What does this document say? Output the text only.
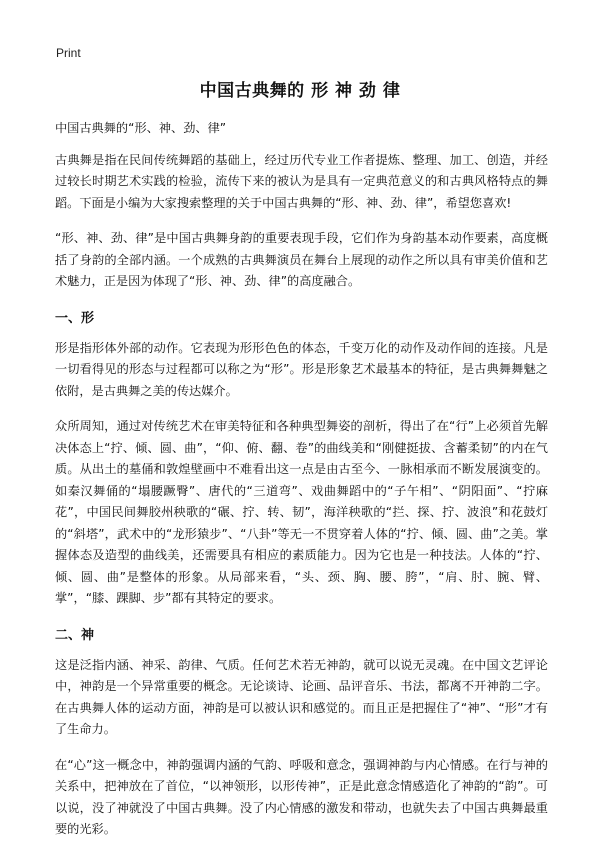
Print
中国古典舞的 形 神 劲 律

中国古典舞的“形、神、劲、律”

古典舞是指在民间传统舞蹈的基础上，经过历代专业工作者提炼、整理、加工、创造，并经过较长时期艺术实践的检验，流传下来的被认为是具有一定典范意义的和古典风格特点的舞蹈。下面是小编为大家搜索整理的关于中国古典舞的“形、神、劲、律”，希望您喜欢!

“形、神、劲、律”是中国古典舞身韵的重要表现手段，它们作为身韵基本动作要素，高度概括了身韵的全部内涵。一个成熟的古典舞演员在舞台上展现的动作之所以具有审美价值和艺术魅力，正是因为体现了“形、神、劲、律”的高度融合。

一、形

形是指形体外部的动作。它表现为形形色色的体态，千变万化的动作及动作间的连接。凡是一切看得见的形态与过程都可以称之为“形”。形是形象艺术最基本的特征，是古典舞舞魅之依附，是古典舞之美的传达媒介。

众所周知，通过对传统艺术在审美特征和各种典型舞姿的剖析，得出了在“行”上必须首先解决体态上“拧、倾、圆、曲”，“仰、俯、翻、卷”的曲线美和“刚健挺拔、含蓄柔韧”的内在气质。从出土的墓俑和敦煌壁画中不难看出这一点是由古至今、一脉相承而不断发展演变的。如秦汉舞俑的“塌腰蹶臀”、唐代的“三道弯”、戏曲舞蹈中的“子午相”、“阴阳面”、“拧麻花”，中国民间舞胶州秧歌的“碾、拧、转、韧”，海洋秧歌的“拦、探、拧、波浪”和花鼓灯的“斜塔”，武术中的“龙形猿步”、“八卦”等无一不贯穿着人体的“拧、倾、圆、曲”之美。掌握体态及造型的曲线美，还需要具有相应的素质能力。因为它也是一种技法。人体的“拧、倾、圆、曲”是整体的形象。从局部来看，“头、颈、胸、腰、胯”，“肩、肘、腕、臂、掌”，“膝、踝脚、步”都有其特定的要求。

二、神

这是泛指内涵、神采、韵律、气质。任何艺术若无神韵，就可以说无灵魂。在中国文艺评论中，神韵是一个异常重要的概念。无论谈诗、论画、品评音乐、书法，都离不开神韵二字。在古典舞人体的运动方面，神韵是可以被认识和感觉的。而且正是把握住了“神”、“形”才有了生命力。

在“心”这一概念中，神韵强调内涵的气韵、呼吸和意念，强调神韵与内心情感。在行与神的关系中，把神放在了首位，“以神领形，以形传神”，正是此意念情感造化了神韵的“韵”。可以说，没了神就没了中国古典舞。没了内心情感的激发和带动，也就失去了中国古典舞最重要的光彩。
